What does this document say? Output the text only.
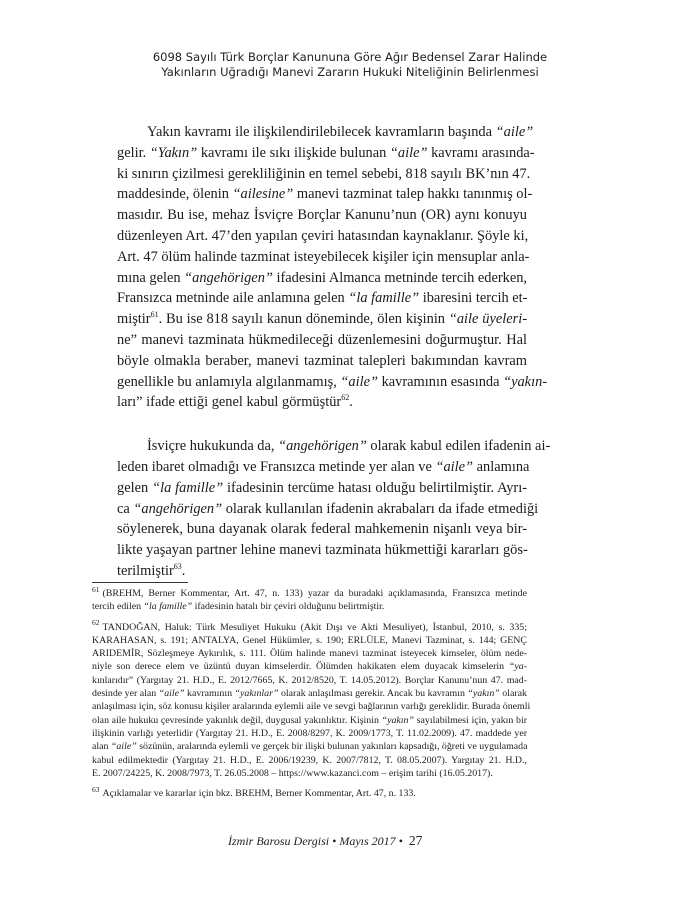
6098 Sayılı Türk Borçlar Kanununa Göre Ağır Bedensel Zarar Halinde
Yakınların Uğradığı Manevi Zararın Hukuki Niteliğinin Belirlenmesi

Yakın kavramı ile ilişkilendirilebilecek kavramların başında “aile”
gelir. “Yakın” kavramı ile sıkı ilişkide bulunan “aile” kavramı arasında-
ki sınırın çizilmesi gerekliliğinin en temel sebebi, 818 sayılı BK’nın 47.
maddesinde, ölenin “ailesine” manevi tazminat talep hakkı tanınmış ol-
masıdır. Bu ise, mehaz İsviçre Borçlar Kanunu’nun (OR) aynı konuyu
düzenleyen Art. 47’den yapılan çeviri hatasından kaynaklanır. Şöyle ki,
Art. 47 ölüm halinde tazminat isteyebilecek kişiler için mensuplar anla-
mına gelen “angehörigen” ifadesini Almanca metninde tercih ederken,
Fransızca metninde aile anlamına gelen “la famille” ibaresini tercih et-
miştir$^{61}$. Bu ise 818 sayılı kanun döneminde, ölen kişinin “aile üyeleri-
ne” manevi tazminata hükmedileceği düzenlemesini doğurmuştur. Hal
böyle olmakla beraber, manevi tazminat talepleri bakımından kavram
genellikle bu anlamıyla algılanmamış, “aile” kavramının esasında “yakın-
ları” ifade ettiği genel kabul görmüştür$^{62}$.

İsviçre hukukunda da, “angehörigen” olarak kabul edilen ifadenin ai-
leden ibaret olmadığı ve Fransızca metinde yer alan ve “aile” anlamına
gelen “la famille” ifadesinin tercüme hatası olduğu belirtilmiştir. Ayrı-
ca “angehörigen” olarak kullanılan ifadenin akrabaları da ifade etmediği
söylenerek, buna dayanak olarak federal mahkemenin nişanlı veya bir-
likte yaşayan partner lehine manevi tazminata hükmettiği kararları gös-
terilmiştir$^{63}$.

$^{61}$ (BREHM, Berner Kommentar, Art. 47, n. 133) yazar da buradaki açıklamasında, Fransızca metinde
tercih edilen “la famille” ifadesinin hatalı bir çeviri olduğunu belirtmiştir.
$^{62}$ TANDOĞAN, Haluk: Türk Mesuliyet Hukuku (Akit Dışı ve Akti Mesuliyet), İstanbul, 2010, s. 335;
KARAHASAN, s. 191; ANTALYA, Genel Hükümler, s. 190; ERLÜLE, Manevi Tazminat, s. 144; GENÇ
ARIDEMİR, Sözleşmeye Aykırılık, s. 111. Ölüm halinde manevi tazminat isteyecek kimseler, ölüm nede-
niyle son derece elem ve üzüntü duyan kimselerdir. Ölümden hakikaten elem duyacak kimselerin “ya-
kınlarıdır” (Yargıtay 21. H.D., E. 2012/7665, K. 2012/8520, T. 14.05.2012). Borçlar Kanunu’nun 47. mad-
desinde yer alan “aile” kavramının “yakınlar” olarak anlaşılması gerekir. Ancak bu kavramın “yakın” olarak
anlaşılması için, söz konusu kişiler aralarında eylemli aile ve sevgi bağlarının varlığı gereklidir. Burada önemli
olan aile hukuku çevresinde yakınlık değil, duygusal yakınlıktır. Kişinin “yakın” sayılabilmesi için, yakın bir
ilişkinin varlığı yeterlidir (Yargıtay 21. H.D., E. 2008/8297, K. 2009/1773, T. 11.02.2009). 47. maddede yer
alan “aile” sözünün, aralarında eylemli ve gerçek bir ilişki bulunan yakınları kapsadığı, öğreti ve uygulamada
kabul edilmektedir (Yargıtay 21. H.D., E. 2006/19239, K. 2007/7812, T. 08.05.2007). Yargıtay 21. H.D.,
E. 2007/24225, K. 2008/7973, T. 26.05.2008 – https://www.kazanci.com – erişim tarihi (16.05.2017).
$^{63}$ Açıklamalar ve kararlar için bkz. BREHM, Berner Kommentar, Art. 47, n. 133.
İzmir Barosu Dergisi • Mayıs 2017 • 27
